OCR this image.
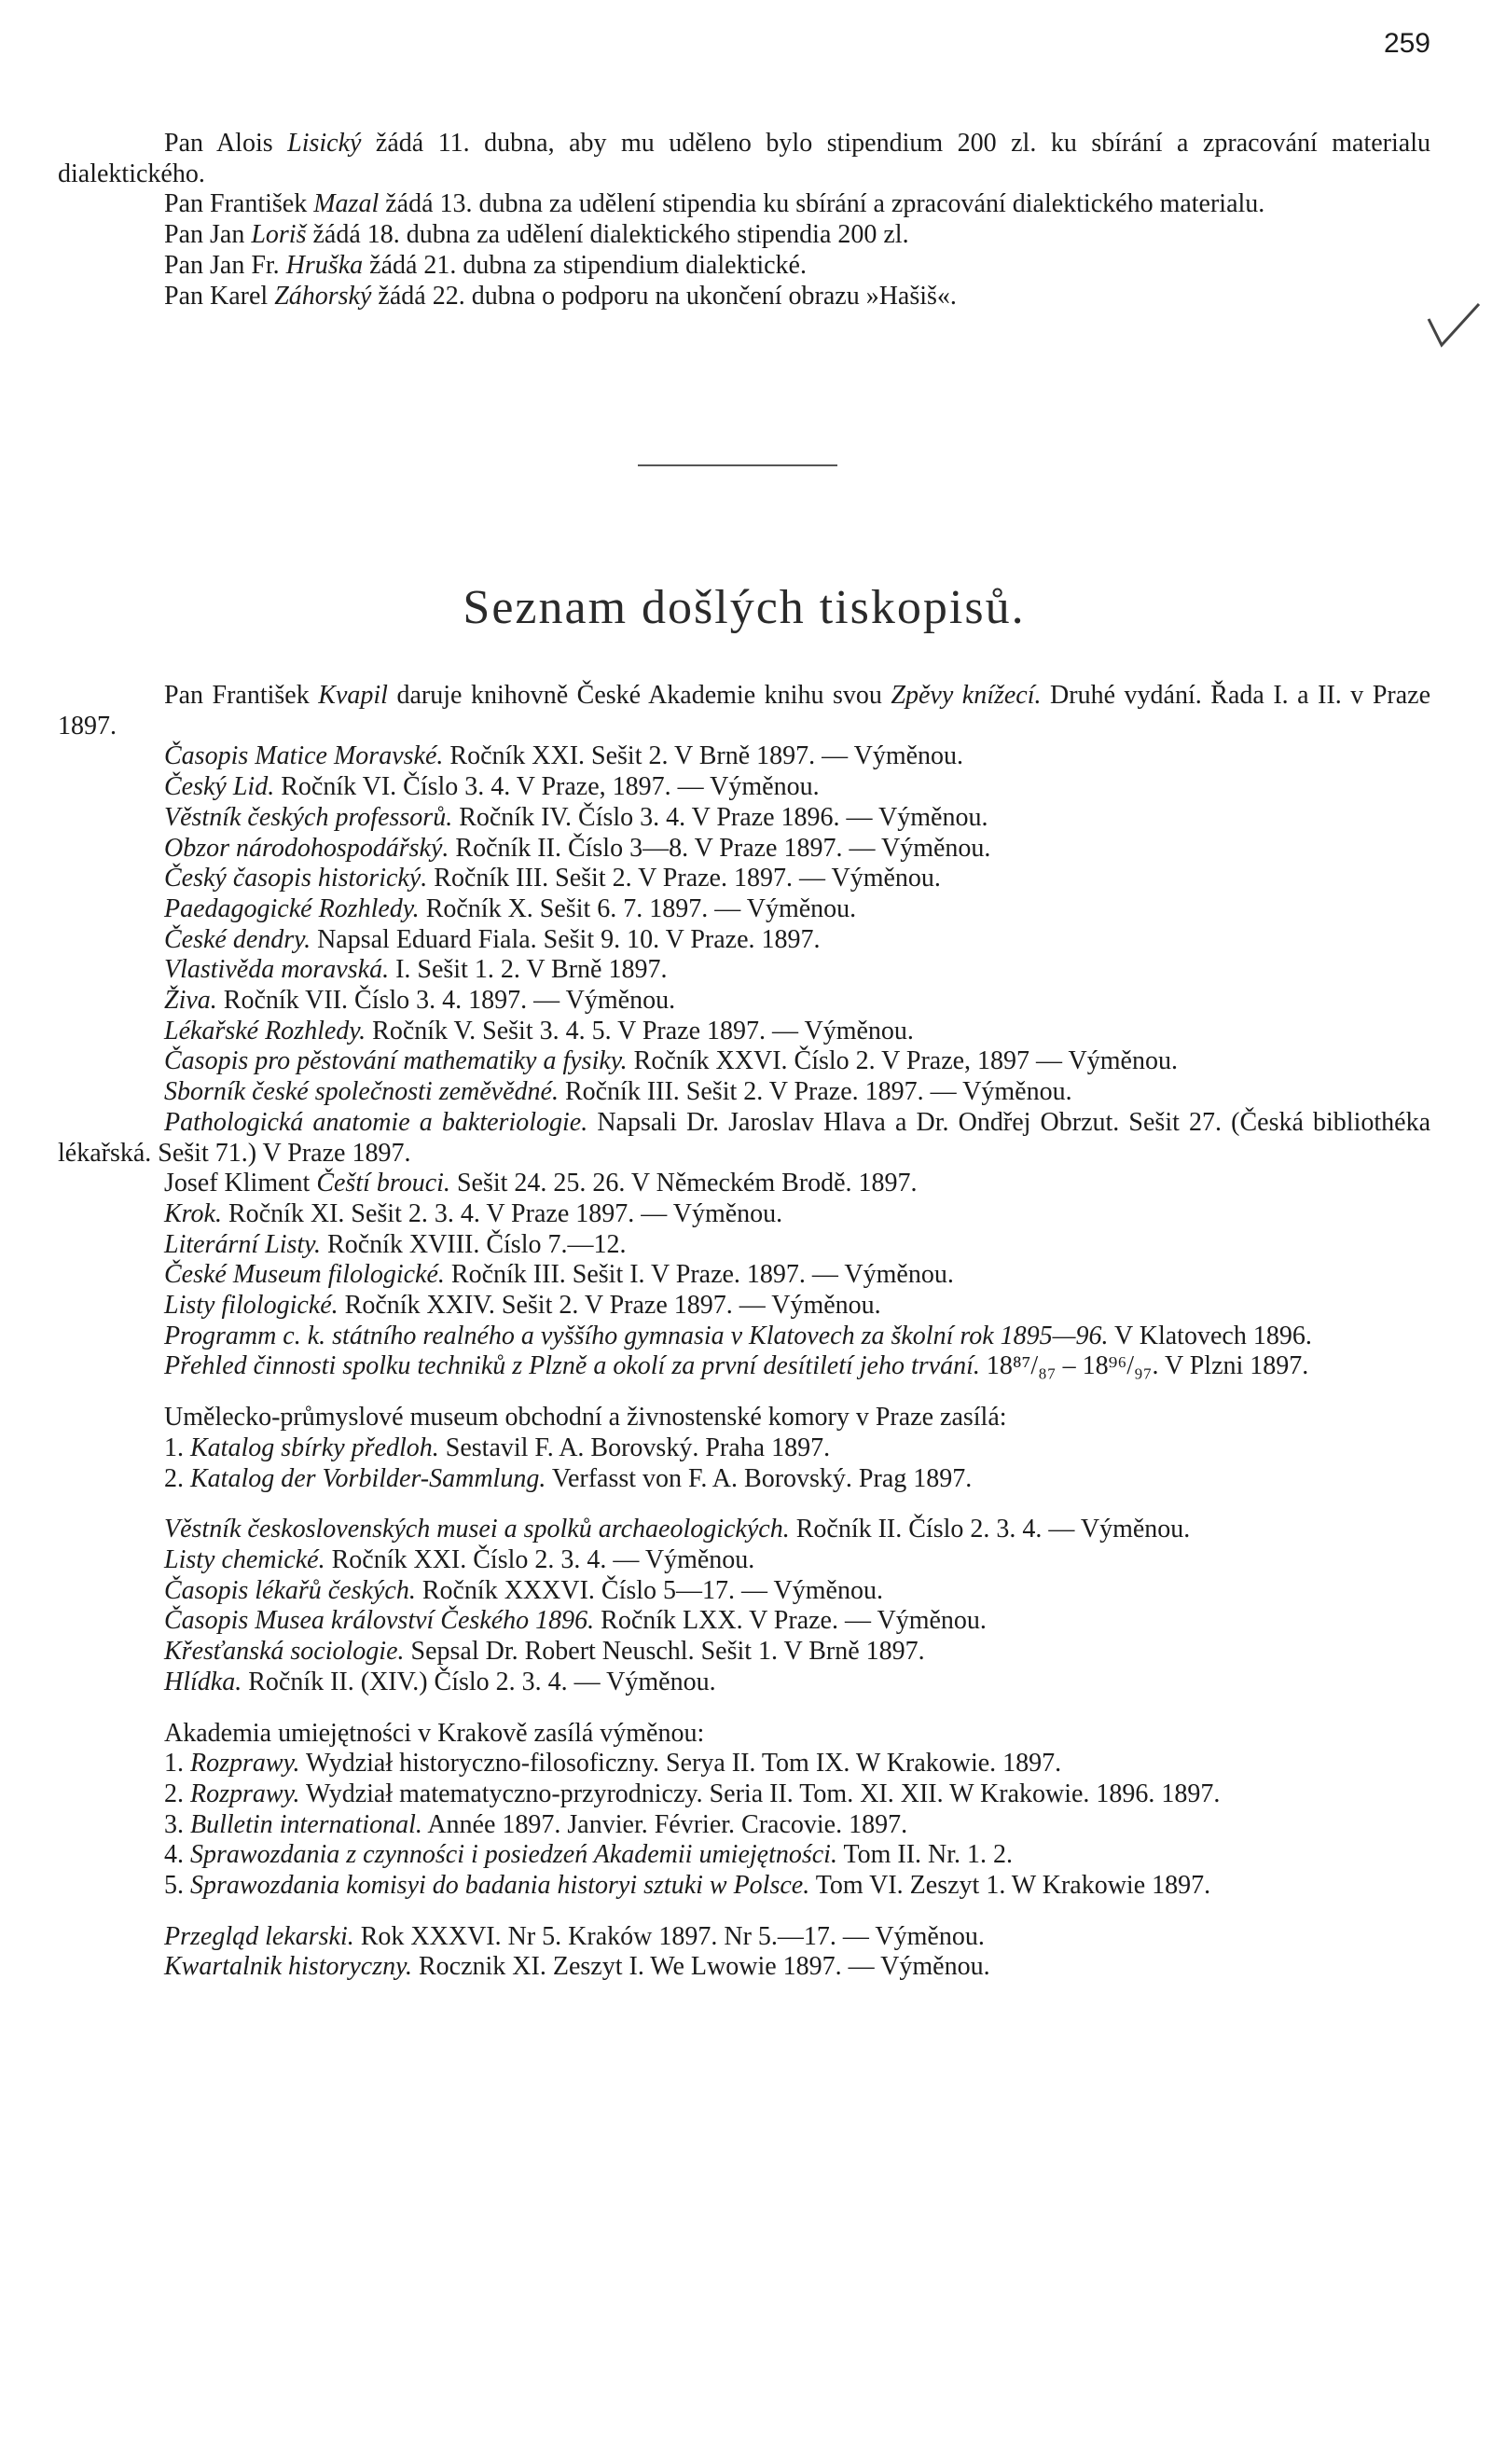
259

Pan Alois Lisický žádá 11. dubna, aby mu uděleno bylo stipendium 200 zl. ku sbírání a zpracování materialu dialektického.

Pan František Mazal žádá 13. dubna za udělení stipendia ku sbírání a zpracování dialektického materialu.

Pan Jan Loriš žádá 18. dubna za udělení dialektického stipendia 200 zl.

Pan Jan Fr. Hruška žádá 21. dubna za stipendium dialektické.

Pan Karel Záhorský žádá 22. dubna o podporu na ukončení obrazu »Hašiš«.

Seznam došlých tiskopisů.

Pan František Kvapil daruje knihovně České Akademie knihu svou Zpěvy knížecí. Druhé vydání. Řada I. a II. v Praze 1897.

Časopis Matice Moravské. Ročník XXI. Sešit 2. V Brně 1897. — Výměnou.

Český Lid. Ročník VI. Číslo 3. 4. V Praze, 1897. — Výměnou.

Věstník českých professorů. Ročník IV. Číslo 3. 4. V Praze 1896. — Výměnou.

Obzor národohospodářský. Ročník II. Číslo 3—8. V Praze 1897. — Výměnou.

Český časopis historický. Ročník III. Sešit 2. V Praze. 1897. — Výměnou.

Paedagogické Rozhledy. Ročník X. Sešit 6. 7. 1897. — Výměnou.

České dendry. Napsal Eduard Fiala. Sešit 9. 10. V Praze. 1897.

Vlastivěda moravská. I. Sešit 1. 2. V Brně 1897.

Živa. Ročník VII. Číslo 3. 4. 1897. — Výměnou.

Lékařské Rozhledy. Ročník V. Sešit 3. 4. 5. V Praze 1897. — Výměnou.

Časopis pro pěstování mathematiky a fysiky. Ročník XXVI. Číslo 2. V Praze, 1897 — Výměnou.

Sborník české společnosti zeměvědné. Ročník III. Sešit 2. V Praze. 1897. — Výměnou.

Pathologická anatomie a bakteriologie. Napsali Dr. Jaroslav Hlava a Dr. Ondřej Obrzut. Sešit 27. (Česká bibliothéka lékařská. Sešit 71.) V Praze 1897.

Josef Kliment Čeští brouci. Sešit 24. 25. 26. V Německém Brodě. 1897.

Krok. Ročník XI. Sešit 2. 3. 4. V Praze 1897. — Výměnou.

Literární Listy. Ročník XVIII. Číslo 7.—12.

České Museum filologické. Ročník III. Sešit I. V Praze. 1897. — Výměnou.

Listy filologické. Ročník XXIV. Sešit 2. V Praze 1897. — Výměnou.

Programm c. k. státního realného a vyššího gymnasia v Klatovech za školní rok 1895—96. V Klatovech 1896.

Přehled činnosti spolku techniků z Plzně a okolí za první desítiletí jeho trvání. 18⁸⁷/₈₇ – 18⁹⁶/₉₇. V Plzni 1897.

Umělecko-průmyslové museum obchodní a živnostenské komory v Praze zasílá:

1. Katalog sbírky předloh. Sestavil F. A. Borovský. Praha 1897.

2. Katalog der Vorbilder-Sammlung. Verfasst von F. A. Borovský. Prag 1897.

Věstník československých musei a spolků archaeologických. Ročník II. Číslo 2. 3. 4. — Výměnou.

Listy chemické. Ročník XXI. Číslo 2. 3. 4. — Výměnou.

Časopis lékařů českých. Ročník XXXVI. Číslo 5—17. — Výměnou.

Časopis Musea království Českého 1896. Ročník LXX. V Praze. — Výměnou.

Křesťanská sociologie. Sepsal Dr. Robert Neuschl. Sešit 1. V Brně 1897.

Hlídka. Ročník II. (XIV.) Číslo 2. 3. 4. — Výměnou.

Akademia umiejętności v Krakově zasílá výměnou:

1. Rozprawy. Wydział historyczno-filosoficzny. Serya II. Tom IX. W Krakowie. 1897.

2. Rozprawy. Wydział matematyczno-przyrodniczy. Seria II. Tom. XI. XII. W Krakowie. 1896. 1897.

3. Bulletin international. Année 1897. Janvier. Février. Cracovie. 1897.

4. Sprawozdania z czynności i posiedzeń Akademii umiejętności. Tom II. Nr. 1. 2.

5. Sprawozdania komisyi do badania historyi sztuki w Polsce. Tom VI. Zeszyt 1. W Krakowie 1897.

Przegląd lekarski. Rok XXXVI. Nr 5. Kraków 1897. Nr 5.—17. — Výměnou.

Kwartalnik historyczny. Rocznik XI. Zeszyt I. We Lwowie 1897. — Výměnou.
